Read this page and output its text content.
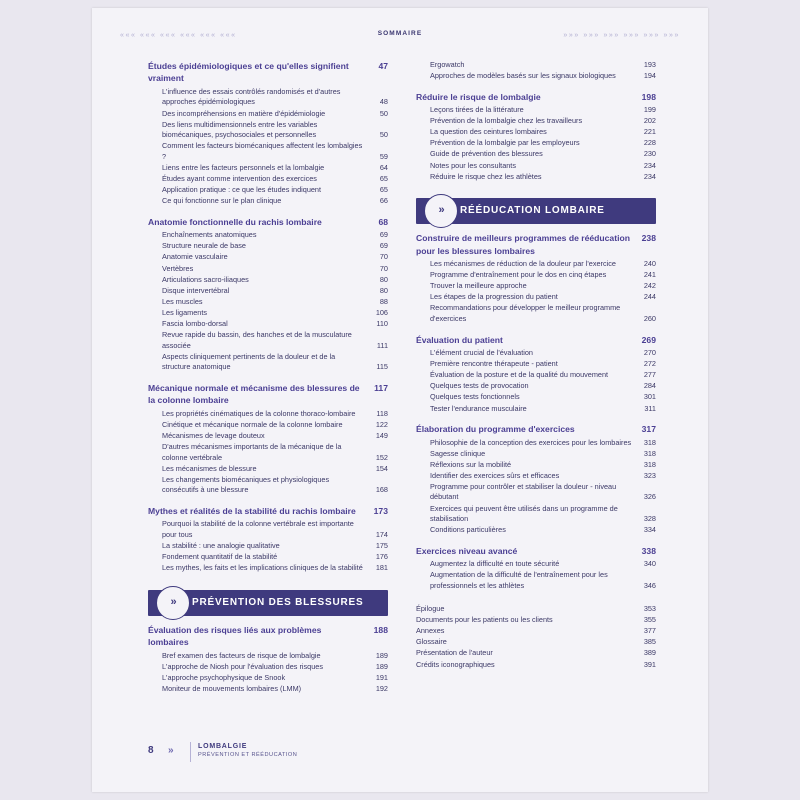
««« ««« ««« ««« ««« «««	SOMMAIRE	»»» »»» »»» »»» »»» »»»
Études épidémiologiques et ce qu'elles signifient vraiment
47
L'influence des essais contrôlés randomisés et d'autres approches épidémiologiques	48
Des incompréhensions en matière d'épidémiologie	50
Des liens multidimensionnels entre les variables biomécaniques, psychosociales et personnelles	50
Comment les facteurs biomécaniques affectent les lombalgies ?	59
Liens entre les facteurs personnels et la lombalgie	64
Études ayant comme intervention des exercices	65
Application pratique : ce que les études indiquent	65
Ce qui fonctionne sur le plan clinique	66
Anatomie fonctionnelle du rachis lombaire	68
Enchaînements anatomiques	69
Structure neurale de base	69
Anatomie vasculaire	70
Vertèbres	70
Articulations sacro-iliaques	80
Disque intervertébral	80
Les muscles	88
Les ligaments	106
Fascia lombo-dorsal	110
Revue rapide du bassin, des hanches et de la musculature associée	111
Aspects cliniquement pertinents de la douleur et de la structure anatomique	115
Mécanique normale et mécanisme des blessures de la colonne lombaire
117
Les propriétés cinématiques de la colonne thoraco-lombaire	118
Cinétique et mécanique normale de la colonne lombaire	122
Mécanismes de levage douteux	149
D'autres mécanismes importants de la mécanique de la colonne vertébrale	152
Les mécanismes de blessure	154
Les changements biomécaniques et physiologiques consécutifs à une blessure	168
Mythes et réalités de la stabilité du rachis lombaire 173
Pourquoi la stabilité de la colonne vertébrale est importante pour tous	174
La stabilité : une analogie qualitative	175
Fondement quantitatif de la stabilité	176
Les mythes, les faits et les implications cliniques de la stabilité 181
»	PRÉVENTION DES BLESSURES
Évaluation des risques liés aux problèmes lombaires
188
Bref examen des facteurs de risque de lombalgie	189
L'approche de Niosh pour l'évaluation des risques	189
L'approche psychophysique de Snook	191
Moniteur de mouvements lombaires (LMM)	192
Ergowatch	193
Approches de modèles basés sur les signaux biologiques	194
Réduire le risque de lombalgie	198
Leçons tirées de la littérature	199
Prévention de la lombalgie chez les travailleurs	202
La question des ceintures lombaires	221
Prévention de la lombalgie par les employeurs	228
Guide de prévention des blessures	230
Notes pour les consultants	234
Réduire le risque chez les athlètes	234
»	RÉÉDUCATION LOMBAIRE
Construire de meilleurs programmes de rééducation pour les blessures lombaires
238
Les mécanismes de réduction de la douleur par l'exercice	240
Programme d'entraînement pour le dos en cinq étapes	241
Trouver la meilleure approche	242
Les étapes de la progression du patient	244
Recommandations pour développer le meilleur programme d'exercices	260
Évaluation du patient	269
L'élément crucial de l'évaluation	270
Première rencontre thérapeute - patient	272
Évaluation de la posture et de la qualité du mouvement	277
Quelques tests de provocation	284
Quelques tests fonctionnels	301
Tester l'endurance musculaire	311
Élaboration du programme d'exercices	317
Philosophie de la conception des exercices pour les lombaires 318
Sagesse clinique	318
Réflexions sur la mobilité	318
Identifier des exercices sûrs et efficaces	323
Programme pour contrôler et stabiliser la douleur - niveau débutant	326
Exercices qui peuvent être utilisés dans un programme de stabilisation	328
Conditions particulières	334
Exercices niveau avancé	338
Augmentez la difficulté en toute sécurité	340
Augmentation de la difficulté de l'entraînement pour les professionnels et les athlètes	346
Épilogue	353
Documents pour les patients ou les clients	355
Annexes	377
Glossaire	385
Présentation de l'auteur	389
Crédits iconographiques	391
8 »	LOMBALGIE
PRÉVENTION ET RÉÉDUCATION
